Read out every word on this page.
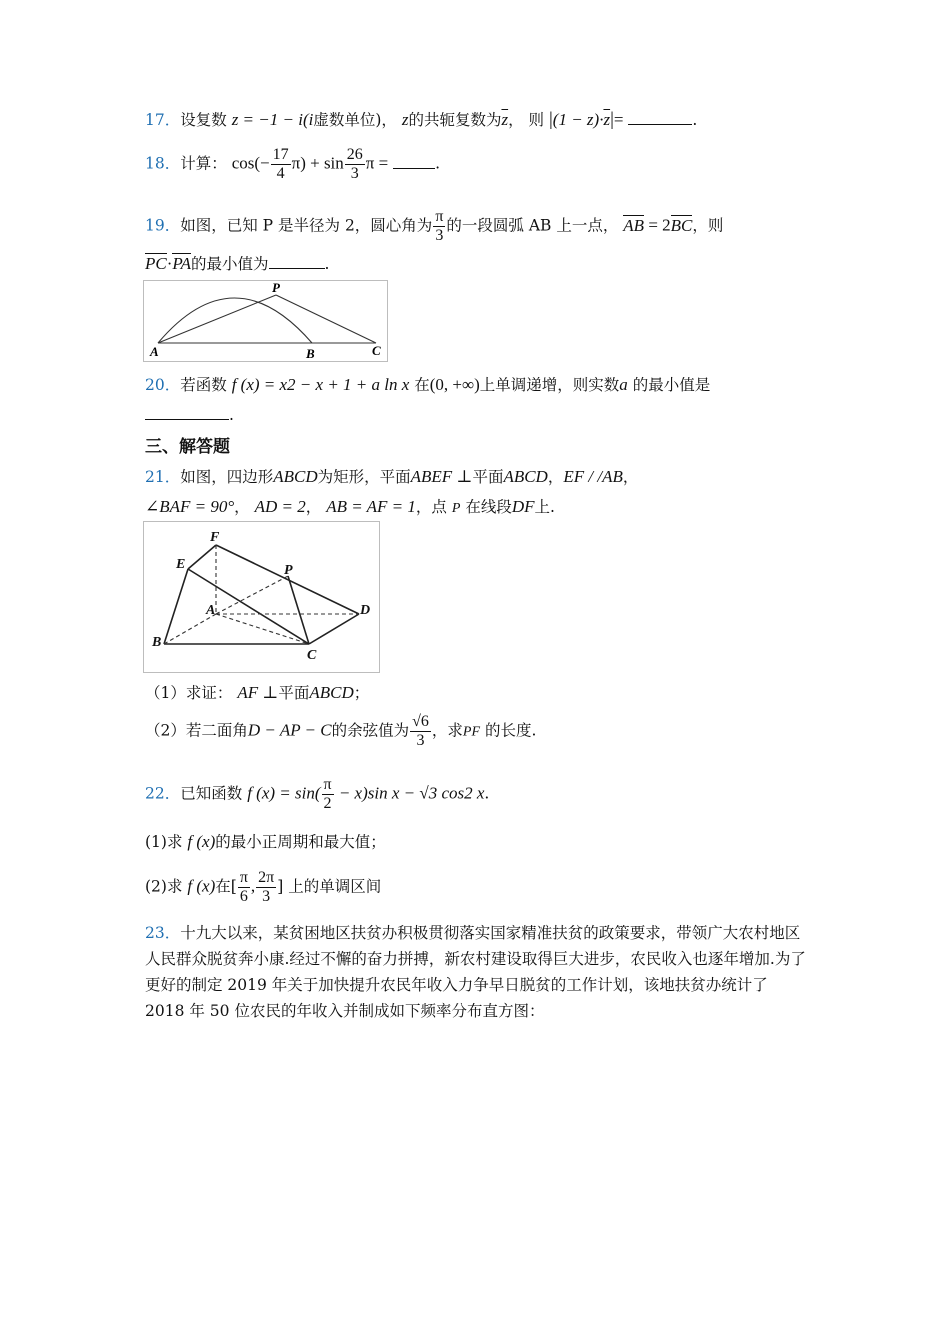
17．设复数 z = −1 − i(i虚数单位)， z的共轭复数为$\overline{z}$， 则 $|(1 - z)\cdot\overline{z}|=$	.
18．计算： $\cos(- \frac{17}{4} \pi) + \sin \frac{26}{3}$ π =	.
19．如图，已知 P 是半径为 2，圆心角为 $\frac{\pi}{3}$ 的一段圆弧 AB 上一点， AB = 2BC，则
PC·PA的最小值为	.
A	B	C
P
20．若函数 f (x) = x2 − x + 1 + a ln x 在(0, +∞)上单调递增，则实数a 的最小值是
.
三、解答题
21．如图，四边形ABCD为矩形，平面ABEF ⊥平面ABCD，EF / /AB，
∠BAF = 90°， AD = 2， AB = AF = 1，点 P 在线段DF上.
F
E	P
A	D
B
C
（1）求证： AF ⊥平面ABCD；
（2）若二面角D − AP − C的余弦值为 $\frac{√6}{3}$ ，求PF 的长度.
22．已知函数 f $(x) = \sin( \frac{\pi}{2} - x)\sin$ x − √3 cos2 x.
(1)求 f (x)的最小正周期和最大值；
(2)求 f (x)在[ $\frac{\pi}{6}$ , $\frac{2\pi}{3}$ ] 上的单调区间
23．十九大以来，某贫困地区扶贫办积极贯彻落实国家精准扶贫的政策要求，带领广大农村地区人民群众脱贫奔小康.经过不懈的奋力拼搏，新农村建设取得巨大进步，农民收入也逐年增加.为了更好的制定 2019 年关于加快提升农民年收入力争早日脱贫的工作计划，该地扶贫办统计了 2018 年 50 位农民的年收入并制成如下频率分布直方图：
